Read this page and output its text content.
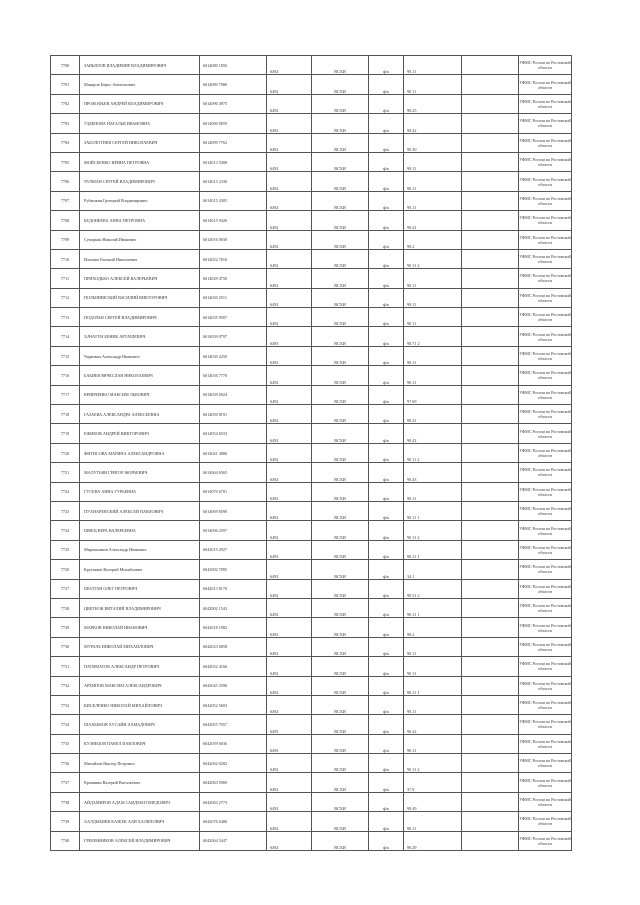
7700	ЗАВЬЯЛОВ ВЛАДИМИР ВЛАДИМИРОВИЧ	6014080 1850	6492	ВСХИ	ф/к	90.11		УФМС России по Ростовской области
7701	Макаров Борис Анатольевич	6014080 7986	6492	ВСХИ	ф/к	90.11		УФМС России по Ростовской области
7702	ПРОКОФЬЕВ АНДРЕЙ ВЛАДИМИРОВИЧ	6014090 4975	6492	ВСХИ	ф/к	90.25		УФМС России по Ростовской области
7703	УЗДЕНОВА НАТАЛЬЯ ИВАНОВНА	6014090 9659	6492	ВСХИ	ф/к	90.42		УФМС России по Ростовской области
7704	ЗАБОЛОТНЕВ СЕРГЕЙ НИКОЛАЕВИЧ	6014099 7762	6492	ВСХИ	ф/к	90.30		УФМС России по Ростовской области
7705	МОЙСЕЕНКО ИРИНА ПЕТРОВНА	6014013 5408	6492	ВСХИ	ф/к	90.11		УФМС России по Ростовской области
7706	ЧУЛМАН СЕРГЕЙ ВЛАДИМИРОВИЧ	6014015 2330	6492	ВСХИ	ф/к	90.11		УФМС России по Ростовской области
7707	Рубашкин Григорий Владимирович	6014015 4305	6492	ВСХИ	ф/к	90.11		УФМС России по Ростовской области
7708	БЕДОНЕЕВА АННА ПЕТРОВНА	6014015 9426	6492	ВСХИ	ф/к	90.41		УФМС России по Ростовской области
7709	Суворкин Николай Иванович	6014016 0030	6492	ВСХИ	ф/к	90.2		УФМС России по Ростовской области
7710	Ильенко Евгений Николаевич	6014022 7616	6492	ВСХИ	ф/к	90.11 2		УФМС России по Ростовской области
7711	ПРИХОДЬКО АЛЕКСЕЙ ВАЛЕРЬЕВИЧ	6014029 4750	6492	ВСХИ	ф/к	90.11		УФМС России по Ростовской области
7712	ПОЛЫНИНСКИЙ ВАСИЛИЙ ВИКТОРОВИЧ	6014030 2511	6492	ВСХИ	ф/к	90.11		УФМС России по Ростовской области
7713	ПОДОЛЬН СЕРГЕЙ ВЛАДИМИРОВИЧ	6014035 9507	6492	ВСХИ	ф/к	90.11		УФМС России по Ростовской области
7714	ХАЧАТУН БЕНИК АРТАШЕВИЧ	6014039 0797	6493	ВСХИ	ф/к	90.71 2		УФМС России по Ростовской области
7715	Чаркович Александр Иванович	6014030 2250	6492	ВСХИ	ф/к	90.11		УФМС России по Ростовской области
7716	БАБИЕВ ВЯЧЕСЛАВ НИКОЛАЕВИЧ	6014036 7770	6492	ВСХИ	ф/к	90.11		УФМС России по Ростовской области
7717	КРИВЧЕНКО МАКСИМ ЛЬВОВИЧ	6014039 6924	6492	ВСХИ	ф/к	97.69		УФМС России по Ростовской области
7718	ГАЗАЕВА АЛЕКСАНДРА АЛЕКСЕЕВНА	6014050 8191	6492	ВСХИ	ф/к	90.41		УФМС России по Ростовской области
7719	ЕЖИКОВ АНДРЕЙ ВИКТОРОВИЧ	6014054 6533	6492	ВСХИ	ф/к	90.42		УФМС России по Ростовской области
7720	ФИТИСОВА МАРИНА АЛЕКСАНДРОВНА	6014041 3886	6492	ВСХИ	ф/к	90.11 2		УФМС России по Ростовской области
7721	МАЛУТЬЯН ГРИГОР ЖОРАЕВИЧ	6014064 6565	6492	ВСХИ	ф/к	90.43		УФМС России по Ростовской области
7722	ГУСЕВА АННА ГУРЬЕВНА	6014070 6701	6492	ВСХИ	ф/к	90.11		УФМС России по Ростовской области
7723	ПУХНАРЕВСКИЙ АЛЕКСЕЙ ПАВЛОВИЧ	6014069 8590	6492	ВСХИ	ф/к	90.11 1		УФМС России по Ростовской области
7724	ШВЕЦ ВЕРА ВАЛЕРЬЕВНА	6014096 2597	6492	ВСХИ	ф/к	90.11 2		УФМС России по Ростовской области
7725	Мирошников Александр Иванович	6042019 2927	6493	ВСХИ	ф/к	90.11 1		УФМС России по Ростовской области
7726	Кругляков Валерий Михайлович	6042002 7095	6493	ВСХИ	ф/к	34.1		УФМС России по Ростовской области
7727	ШОЛТАН ОЛЕГ ПЕТРОВИЧ	6042013 8170	6492	ВСХИ	ф/к	90.31 2		УФМС России по Ростовской области
7728	ЦВЕТКОВ ВИТАЛИЙ ВЛАДИМИРОВИЧ	6042002 1543	6492	ВСХИ	ф/к	90.11 1		УФМС России по Ростовской области
7729	МАРКОВ НИКОЛАЙ ИВАНОВИЧ	6042018 1982	6492	ВСХИ	ф/к	90.2		УФМС России по Ростовской области
7730	МУРАЛЬ НИКОЛАЙ МИХАЙЛОВИЧ	6042023 6858	6492	ВСХИ	ф/к	90.11		УФМС России по Ростовской области
7731	ПАТИМАТОВ АЛЕКСАНДР ПЕТРОВИЧ	6042032 4166	6492	ВСХИ	ф/к	90.11		УФМС России по Ростовской области
7732	АРХИПОВ МАКСИМ АЛЕКСАНДРОВИЧ	6042045 2596	6492	ВСХИ	ф/к	90.11 1		УФМС России по Ростовской области
7733	КИСЕЛЕНКО НИКОЛАЙ МИХАЙЛОВИЧ	6042052 5603	6492	ВСХИ	ф/к	90.11		УФМС России по Ростовской области
7734	ШАХБЕКОВ ХУСАЙН АХМАДОВИЧ	6042055 7057	6493	ВСХИ	ф/к	90.42		УФМС России по Ростовской области
7735	КУЗНЕЦОВ ПАВЕЛ ПАВЛОВИЧ	6042059 6036	6493	ВСХИ	ф/к	90.11		УФМС России по Ростовской области
7736	Михайлов Виктор Петрович	6042062 0282	6492	ВСХИ	ф/к	90.11 2		УФМС России по Ростовской области
7737	Крапивин Валерий Витальевич	6042063 5969	6492	ВСХИ	ф/к	37.9		УФМС России по Ростовской области
7738	АЙДАМИРОВ АДАМ САИДМАГОМЕДОВИЧ	6042063 2773	6492	ВСХИ	ф/к	90.49		УФМС России по Ростовской области
7739	ХАЛДЫБИЕВ КАЗБЕК АЛИ ХАЛИЛОВИЧ	6042076 6486	6492	ВСХИ	ф/к	90.11		УФМС России по Ростовской области
7740	ГРЕБЕННИКОВ АЛЕКСЕЙ ВЛАДИМИРОВИЧ	6042064 5447	6492	ВСХИ	ф/к	90.29		УФМС России по Ростовской области
